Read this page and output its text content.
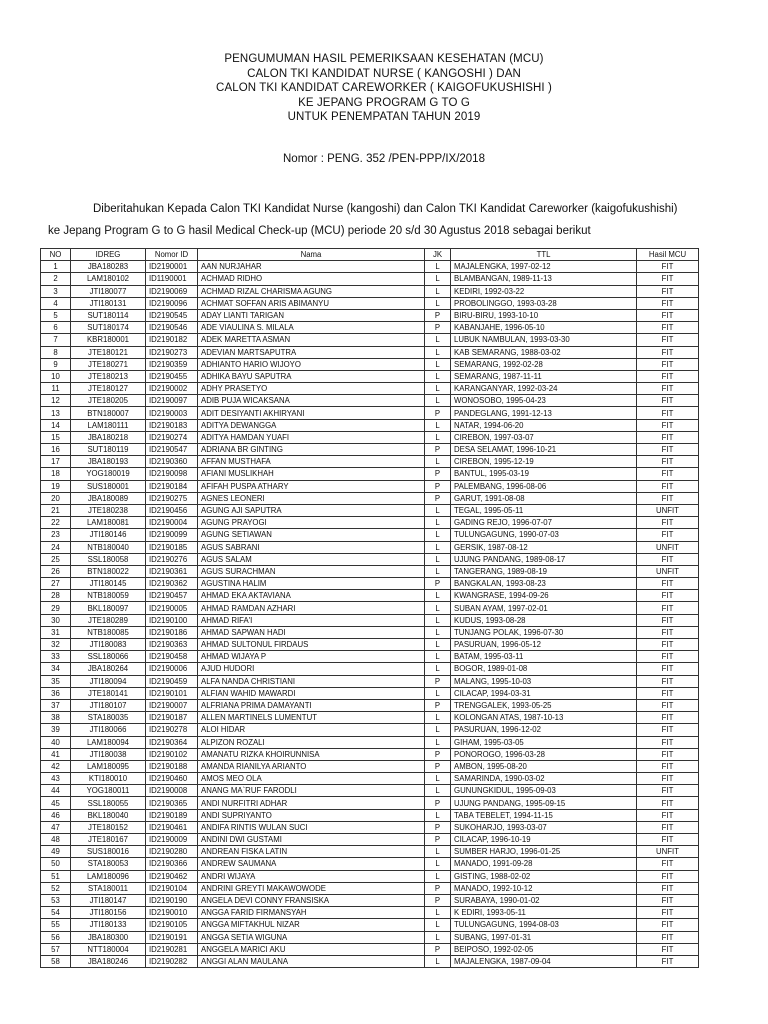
PENGUMUMAN HASIL PEMERIKSAAN KESEHATAN (MCU)
CALON TKI KANDIDAT NURSE ( KANGOSHI ) DAN
CALON TKI KANDIDAT CAREWORKER ( KAIGOFUKUSHISHI )
KE JEPANG PROGRAM G TO G
UNTUK PENEMPATAN TAHUN 2019
Nomor : PENG. 352 /PEN-PPP/IX/2018
Diberitahukan Kepada Calon TKI Kandidat Nurse (kangoshi) dan Calon TKI Kandidat Careworker (kaigofukushishi)
ke Jepang Program G to G hasil Medical Check-up (MCU) periode 20 s/d 30 Agustus 2018 sebagai berikut
NO	IDREG	Nomor ID	Nama	JK	TTL	Hasil MCU
1	JBA180283	ID2190001	AAN NURJAHAR	L	MAJALENGKA, 1997-02-12	FIT
2	LAM180102	ID1190001	ACHMAD RIDHO	L	BLAMBANGAN, 1989-11-13	FIT
3	JTI180077	ID2190069	ACHMAD RIZAL CHARISMA AGUNG	L	KEDIRI, 1992-03-22	FIT
4	JTI180131	ID2190096	ACHMAT SOFFAN ARIS ABIMANYU	L	PROBOLINGGO, 1993-03-28	FIT
5	SUT180114	ID2190545	ADAY LIANTI TARIGAN	P	BIRU-BIRU, 1993-10-10	FIT
6	SUT180174	ID2190546	ADE VIAULINA S. MILALA	P	KABANJAHE, 1996-05-10	FIT
7	KBR180001	ID2190182	ADEK MARETTA ASMAN	L	LUBUK NAMBULAN, 1993-03-30	FIT
8	JTE180121	ID2190273	ADEVIAN MARTSAPUTRA	L	KAB SEMARANG, 1988-03-02	FIT
9	JTE180271	ID2190359	ADHIANTO HARIO WIJOYO	L	SEMARANG, 1992-02-28	FIT
10	JTE180213	ID2190455	ADHIKA BAYU SAPUTRA	L	SEMARANG, 1987-11-11	FIT
11	JTE180127	ID2190002	ADHY PRASETYO	L	KARANGANYAR, 1992-03-24	FIT
12	JTE180205	ID2190097	ADIB PUJA WICAKSANA	L	WONOSOBO, 1995-04-23	FIT
13	BTN180007	ID2190003	ADIT DESIYANTI AKHIRYANI	P	PANDEGLANG, 1991-12-13	FIT
14	LAM180111	ID2190183	ADITYA DEWANGGA	L	NATAR, 1994-06-20	FIT
15	JBA180218	ID2190274	ADITYA HAMDAN YUAFI	L	CIREBON, 1997-03-07	FIT
16	SUT180119	ID2190547	ADRIANA BR GINTING	P	DESA SELAMAT, 1996-10-21	FIT
17	JBA180193	ID2190360	AFFAN MUSTHAFA	L	CIREBON, 1995-12-19	FIT
18	YOG180019	ID2190098	AFIANI MUSLIKHAH	P	BANTUL, 1995-03-19	FIT
19	SUS180001	ID2190184	AFIFAH PUSPA ATHARY	P	PALEMBANG, 1996-08-06	FIT
20	JBA180089	ID2190275	AGNES LEONERI	P	GARUT, 1991-08-08	FIT
21	JTE180238	ID2190456	AGUNG AJI SAPUTRA	L	TEGAL, 1995-05-11	UNFIT
22	LAM180081	ID2190004	AGUNG PRAYOGI	L	GADING REJO, 1996-07-07	FIT
23	JTI180146	ID2190099	AGUNG SETIAWAN	L	TULUNGAGUNG, 1990-07-03	FIT
24	NTB180040	ID2190185	AGUS SABRANI	L	GERSIK, 1987-08-12	UNFIT
25	SSL180058	ID2190276	AGUS SALAM	L	UJUNG PANDANG, 1989-08-17	FIT
26	BTN180022	ID2190361	AGUS SURACHMAN	L	TANGERANG, 1989-08-19	UNFIT
27	JTI180145	ID2190362	AGUSTINA HALIM	P	BANGKALAN, 1993-08-23	FIT
28	NTB180059	ID2190457	AHMAD EKA AKTAVIANA	L	KWANGRASE, 1994-09-26	FIT
29	BKL180097	ID2190005	AHMAD RAMDAN AZHARI	L	SUBAN AYAM, 1997-02-01	FIT
30	JTE180289	ID2190100	AHMAD RIFA'I	L	KUDUS, 1993-08-28	FIT
31	NTB180085	ID2190186	AHMAD SAPWAN HADI	L	TUNJANG POLAK, 1996-07-30	FIT
32	JTI180083	ID2190363	AHMAD SULTONUL FIRDAUS	L	PASURUAN, 1996-05-12	FIT
33	SSL180066	ID2190458	AHMAD WIJAYA P	L	BATAM, 1995-03-11	FIT
34	JBA180264	ID2190006	AJUD HUDORI	L	BOGOR, 1989-01-08	FIT
35	JTI180094	ID2190459	ALFA NANDA CHRISTIANI	P	MALANG, 1995-10-03	FIT
36	JTE180141	ID2190101	ALFIAN WAHID MAWARDI	L	CILACAP, 1994-03-31	FIT
37	JTI180107	ID2190007	ALFRIANA PRIMA DAMAYANTI	P	TRENGGALEK, 1993-05-25	FIT
38	STA180035	ID2190187	ALLEN MARTINELS LUMENTUT	L	KOLONGAN ATAS, 1987-10-13	FIT
39	JTI180066	ID2190278	ALOI HIDAR	L	PASURUAN, 1996-12-02	FIT
40	LAM180094	ID2190364	ALPIZON ROZALI	L	GIHAM, 1995-03-05	FIT
41	JTI180038	ID2190102	AMANATU RIZKA KHOIRUNNISA	P	PONOROGO, 1996-03-28	FIT
42	LAM180095	ID2190188	AMANDA RIANILYA ARIANTO	P	AMBON, 1995-08-20	FIT
43	KTI180010	ID2190460	AMOS MEO OLA	L	SAMARINDA, 1990-03-02	FIT
44	YOG180011	ID2190008	ANANG MA`RUF FARODLI	L	GUNUNGKIDUL, 1995-09-03	FIT
45	SSL180055	ID2190365	ANDI NURFITRI ADHAR	P	UJUNG PANDANG, 1995-09-15	FIT
46	BKL180040	ID2190189	ANDI SUPRIYANTO	L	TABA TEBELET, 1994-11-15	FIT
47	JTE180152	ID2190461	ANDIFA RINTIS WULAN SUCI	P	SUKOHARJO, 1993-03-07	FIT
48	JTE180167	ID2190009	ANDINI DWI GUSTAMI	P	CILACAP, 1996-10-19	FIT
49	SUS180016	ID2190280	ANDREAN FISKA LATIN	L	SUMBER HARJO, 1996-01-25	UNFIT
50	STA180053	ID2190366	ANDREW SAUMANA	L	MANADO, 1991-09-28	FIT
51	LAM180096	ID2190462	ANDRI WIJAYA	L	GISTING, 1988-02-02	FIT
52	STA180011	ID2190104	ANDRINI GREYTI MAKAWOWODE	P	MANADO, 1992-10-12	FIT
53	JTI180147	ID2190190	ANGELA DEVI CONNY FRANSISKA	P	SURABAYA, 1990-01-02	FIT
54	JTI180156	ID2190010	ANGGA FARID FIRMANSYAH	L	K EDIRI, 1993-05-11	FIT
55	JTI180133	ID2190105	ANGGA MIFTAKHUL NIZAR	L	TULUNGAGUNG, 1994-08-03	FIT
56	JBA180300	ID2190191	ANGGA SETIA WIGUNA	L	SUBANG, 1997-01-31	FIT
57	NTT180004	ID2190281	ANGGELA MARICI AKU	P	BEIPOSO, 1992-02-05	FIT
58	JBA180246	ID2190282	ANGGI ALAN MAULANA	L	MAJALENGKA, 1987-09-04	FIT
